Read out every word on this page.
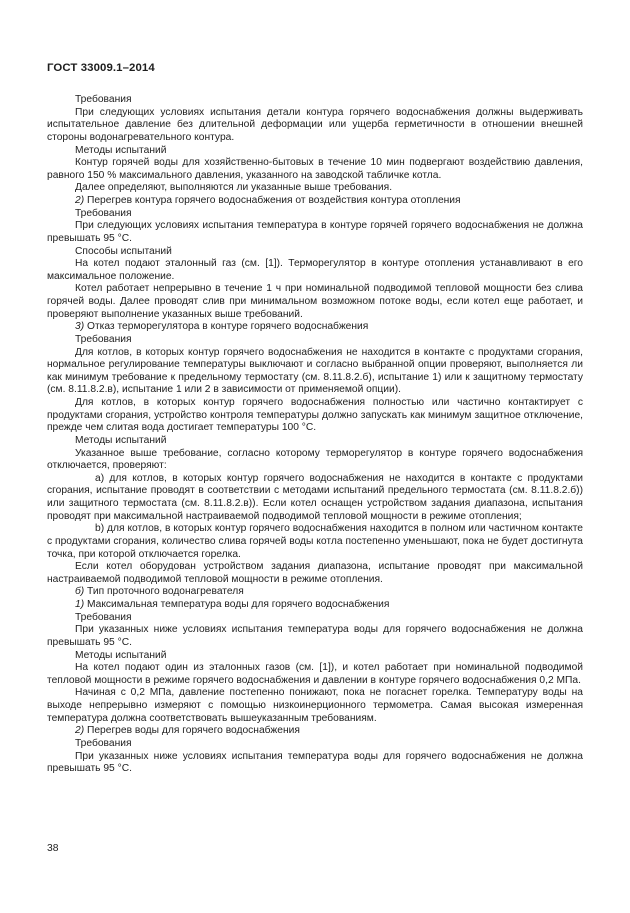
ГОСТ 33009.1–2014

Требования

При следующих условиях испытания детали контура горячего водоснабжения должны выдерживать испытательное давление без длительной деформации или ущерба герметичности в отношении внешней стороны водонагревательного контура.

Методы испытаний

Контур горячей воды для хозяйственно-бытовых в течение 10 мин подвергают воздействию давления, равного 150 % максимального давления, указанного на заводской табличке котла.

Далее определяют, выполняются ли указанные выше требования.

2) Перегрев контура горячего водоснабжения от воздействия контура отопления

Требования

При следующих условиях испытания температура в контуре горячей горячего водоснабжения не должна превышать 95 °С.

Способы испытаний

На котел подают эталонный газ (см. [1]). Терморегулятор в контуре отопления устанавливают в его максимальное положение.

Котел работает непрерывно в течение 1 ч при номинальной подводимой тепловой мощности без слива горячей воды. Далее проводят слив при минимальном возможном потоке воды, если котел еще работает, и проверяют выполнение указанных выше требований.

3) Отказ терморегулятора в контуре горячего водоснабжения

Требования

Для котлов, в которых контур горячего водоснабжения не находится в контакте с продуктами сгорания, нормальное регулирование температуры выключают и согласно выбранной опции проверяют, выполняется ли как минимум требование к предельному термостату (см. 8.11.8.2.б), испытание 1) или к защитному термостату (см. 8.11.8.2.в), испытание 1 или 2 в зависимости от применяемой опции).

Для котлов, в которых контур горячего водоснабжения полностью или частично контактирует с продуктами сгорания, устройство контроля температуры должно запускать как минимум защитное отключение, прежде чем слитая вода достигает температуры 100 °С.

Методы испытаний

Указанное выше требование, согласно которому терморегулятор в контуре горячего водоснабжения отключается, проверяют:

а) для котлов, в которых контур горячего водоснабжения не находится в контакте с продуктами сгорания, испытание проводят в соответствии с методами испытаний предельного термостата (см. 8.11.8.2.б)) или защитного термостата (см. 8.11.8.2.в)). Если котел оснащен устройством задания диапазона, испытания проводят при максимальной настраиваемой подводимой тепловой мощности в режиме отопления;

b) для котлов, в которых контур горячего водоснабжения находится в полном или частичном контакте с продуктами сгорания, количество слива горячей воды котла постепенно уменьшают, пока не будет достигнута точка, при которой отключается горелка.

Если котел оборудован устройством задания диапазона, испытание проводят при максимальной настраиваемой подводимой тепловой мощности в режиме отопления.

б) Тип проточного водонагревателя

1) Максимальная температура воды для горячего водоснабжения

Требования

При указанных ниже условиях испытания температура воды для горячего водоснабжения не должна превышать 95 °С.

Методы испытаний

На котел подают один из эталонных газов (см. [1]), и котел работает при номинальной подводимой тепловой мощности в режиме горячего водоснабжения и давлении в контуре горячего водоснабжения 0,2 МПа.

Начиная с 0,2 МПа, давление постепенно понижают, пока не погаснет горелка. Температуру воды на выходе непрерывно измеряют с помощью низкоинерционного термометра. Самая высокая измеренная температура должна соответствовать вышеуказанным требованиям.

2) Перегрев воды для горячего водоснабжения

Требования

При указанных ниже условиях испытания температура воды для горячего водоснабжения не должна превышать 95 °С.

38
